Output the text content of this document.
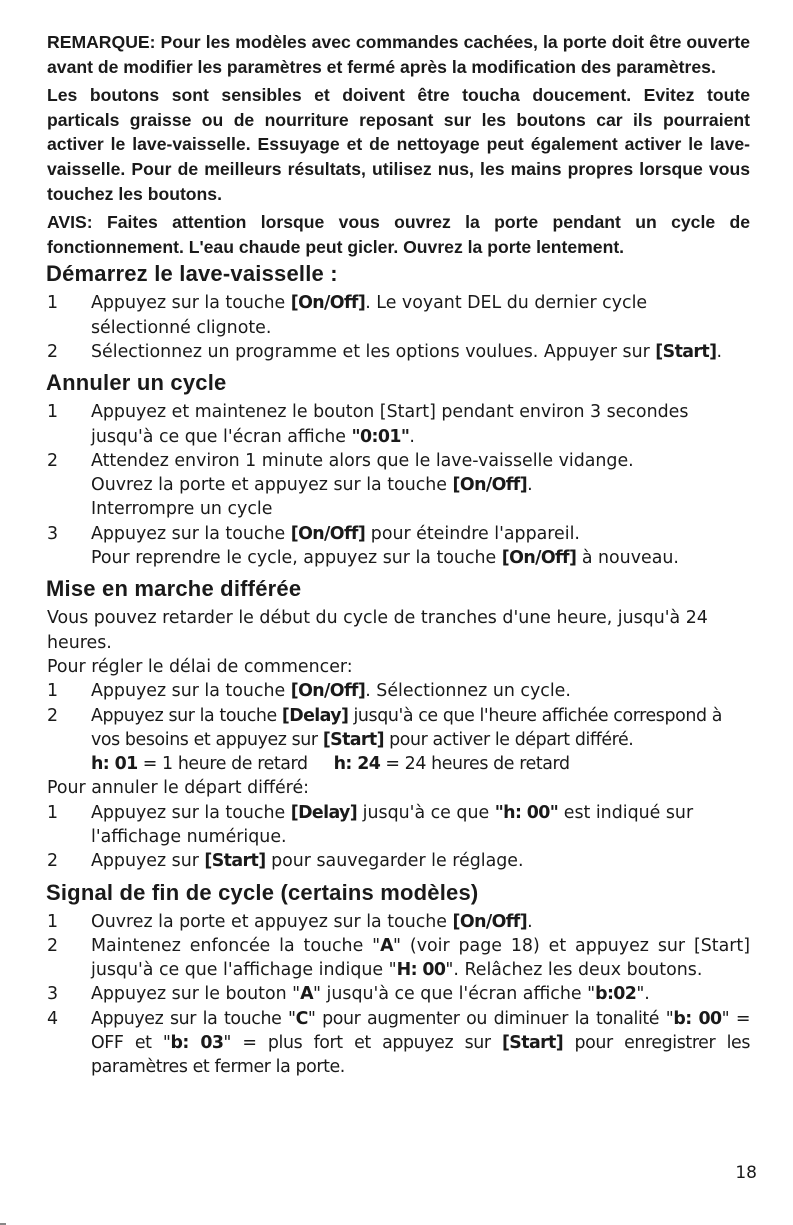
REMARQUE: Pour les modèles avec commandes cachées, la porte doit être ouverte avant de modifier les paramètres et fermé après la modification des paramètres.

Les boutons sont sensibles et doivent être toucha doucement. Evitez toute particals graisse ou de nourriture reposant sur les boutons car ils pourraient activer le lave-vaisselle. Essuyage et de nettoyage peut également activer le lave-vaisselle. Pour de meilleurs résultats, utilisez nus, les mains propres lorsque vous touchez les boutons.

AVIS: Faites attention lorsque vous ouvrez la porte pendant un cycle de fonctionnement. L'eau chaude peut gicler. Ouvrez la porte lentement.

Démarrez le lave-vaisselle :

1	Appuyez sur la touche [On/Off]. Le voyant DEL du dernier cycle sélectionné clignote.

2	Sélectionnez un programme et les options voulues. Appuyer sur [Start].

Annuler un cycle

1	Appuyez et maintenez le bouton [Start] pendant environ 3 secondes jusqu'à ce que l'écran affiche "0:01".

2	Attendez environ 1 minute alors que le lave-vaisselle vidange.

Ouvrez la porte et appuyez sur la touche [On/Off].

Interrompre un cycle

3	Appuyez sur la touche [On/Off] pour éteindre l'appareil.

Pour reprendre le cycle, appuyez sur la touche [On/Off] à nouveau.

Mise en marche différée

Vous pouvez retarder le début du cycle de tranches d'une heure, jusqu'à 24 heures.

Pour régler le délai de commencer:

1	Appuyez sur la touche [On/Off]. Sélectionnez un cycle.

2	Appuyez sur la touche [Delay] jusqu'à ce que l'heure affichée correspond à vos besoins et appuyez sur [Start] pour activer le départ différé.

h: 01 = 1 heure de retard h: 24 = 24 heures de retard

Pour annuler le départ différé:

1	Appuyez sur la touche [Delay] jusqu'à ce que "h: 00" est indiqué sur l'affichage numérique.

2	Appuyez sur [Start] pour sauvegarder le réglage.

Signal de fin de cycle (certains modèles)

1	Ouvrez la porte et appuyez sur la touche [On/Off].

2	Maintenez enfoncée la touche "A" (voir page 18) et appuyez sur [Start] jusqu'à ce que l'affichage indique "H: 00". Relâchez les deux boutons.

3	Appuyez sur le bouton "A" jusqu'à ce que l'écran affiche "b:02".

4	Appuyez sur la touche "C" pour augmenter ou diminuer la tonalité "b: 00" = OFF et "b: 03" = plus fort et appuyez sur [Start] pour enregistrer les paramètres et fermer la porte.

18
